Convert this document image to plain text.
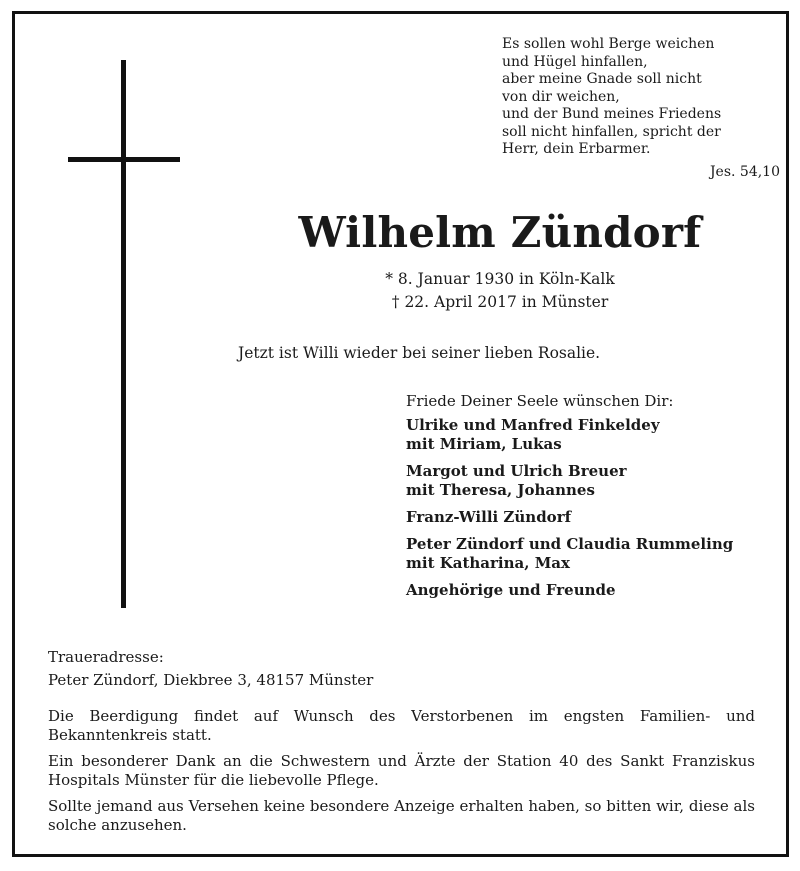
Es sollen wohl Berge weichen
und Hügel hinfallen,
aber meine Gnade soll nicht
von dir weichen,
und der Bund meines Friedens
soll nicht hinfallen, spricht der
Herr, dein Erbarmer.
Jes. 54,10
Wilhelm Zündorf
* 8. Januar 1930 in Köln-Kalk
† 22. April 2017 in Münster
Jetzt ist Willi wieder bei seiner lieben Rosalie.
Friede Deiner Seele wünschen Dir:
Ulrike und Manfred Finkeldey
mit Miriam, Lukas
Margot und Ulrich Breuer
mit Theresa, Johannes
Franz-Willi Zündorf
Peter Zündorf und Claudia Rummeling
mit Katharina, Max
Angehörige und Freunde
Traueradresse:
Peter Zündorf, Diekbree 3, 48157 Münster

Die Beerdigung findet auf Wunsch des Verstorbenen im engsten Familien- und Bekanntenkreis statt.

Ein besonderer Dank an die Schwestern und Ärzte der Station 40 des Sankt Franziskus Hospitals Münster für die liebevolle Pflege.

Sollte jemand aus Versehen keine besondere Anzeige erhalten haben, so bitten wir, diese als solche anzusehen.
